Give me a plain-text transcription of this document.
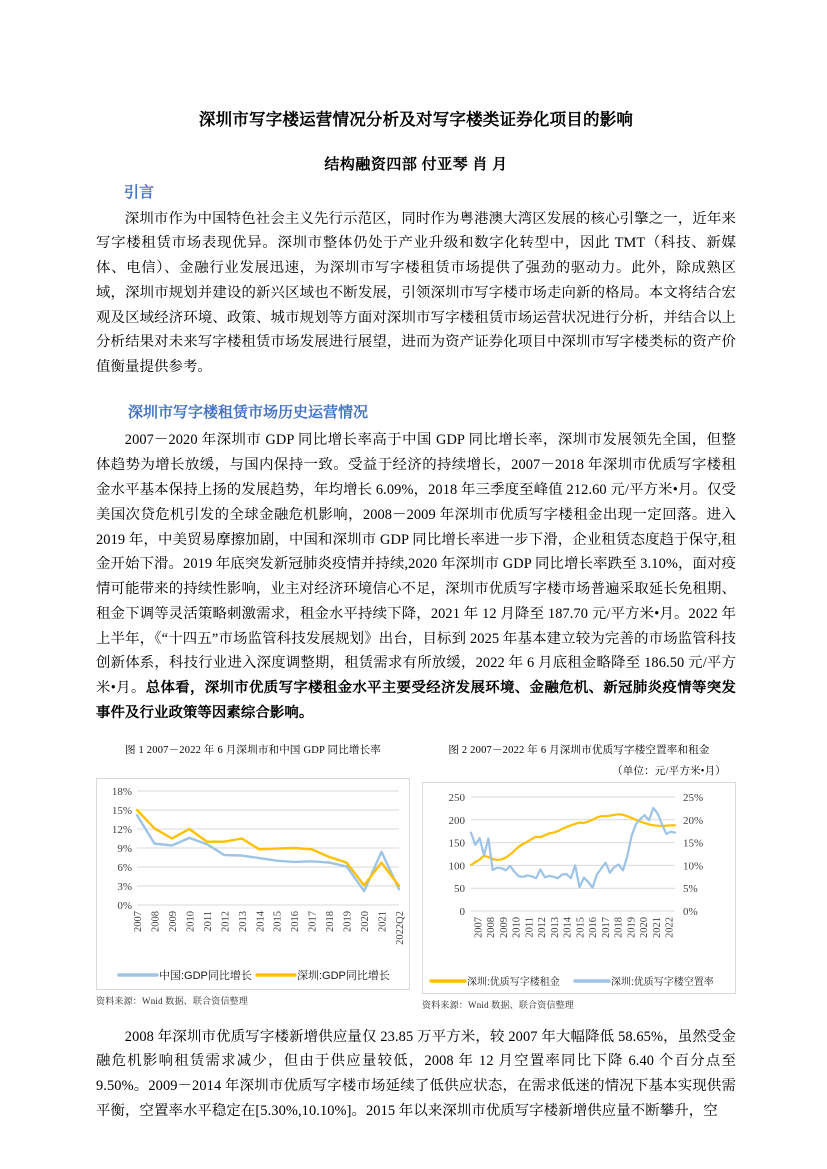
深圳市写字楼运营情况分析及对写字楼类证券化项目的影响
结构融资四部 付亚琴 肖 月
引言

深圳市作为中国特色社会主义先行示范区，同时作为粤港澳大湾区发展的核心引擎之一，近年来写字楼租赁市场表现优异。深圳市整体仍处于产业升级和数字化转型中，因此 TMT（科技、新媒体、电信）、金融行业发展迅速，为深圳市写字楼租赁市场提供了强劲的驱动力。此外，除成熟区域，深圳市规划并建设的新兴区域也不断发展，引领深圳市写字楼市场走向新的格局。本文将结合宏观及区域经济环境、政策、城市规划等方面对深圳市写字楼租赁市场运营状况进行分析，并结合以上分析结果对未来写字楼租赁市场发展进行展望，进而为资产证券化项目中深圳市写字楼类标的资产价值衡量提供参考。

深圳市写字楼租赁市场历史运营情况

2007－2020 年深圳市 GDP 同比增长率高于中国 GDP 同比增长率，深圳市发展领先全国，但整体趋势为增长放缓，与国内保持一致。受益于经济的持续增长，2007－2018 年深圳市优质写字楼租金水平基本保持上扬的发展趋势，年均增长 6.09%，2018 年三季度至峰值 212.60 元/平方米•月。仅受美国次贷危机引发的全球金融危机影响，2008－2009 年深圳市优质写字楼租金出现一定回落。进入 2019 年，中美贸易摩擦加剧，中国和深圳市 GDP 同比增长率进一步下滑，企业租赁态度趋于保守,租金开始下滑。2019 年底突发新冠肺炎疫情并持续,2020 年深圳市 GDP 同比增长率跌至 3.10%，面对疫情可能带来的持续性影响，业主对经济环境信心不足，深圳市优质写字楼市场普遍采取延长免租期、租金下调等灵活策略刺激需求，租金水平持续下降，2021 年 12 月降至 187.70 元/平方米•月。2022 年上半年，《“十四五”市场监管科技发展规划》出台，目标到 2025 年基本建立较为完善的市场监管科技创新体系，科技行业进入深度调整期，租赁需求有所放缓，2022 年 6 月底租金略降至 186.50 元/平方米•月。总体看，深圳市优质写字楼租金水平主要受经济发展环境、金融危机、新冠肺炎疫情等突发事件及行业政策等因素综合影响。

图 1 2007－2022 年 6 月深圳市和中国 GDP 同比增长率
0%
3%
6%
9%
12%
15%
18%
2007 2008 2009 2010 2011 2012 2013 2014 2015 2016 2017 2018 2019 2020 2021 2022Q2
中国:GDP同比增长	深圳:GDP同比增长
资料来源：Wnid 数据、联合资信整理
图 2 2007－2022 年 6 月深圳市优质写字楼空置率和租金
（单位：元/平方米•月）
0
50
100
150
200
250
0%
5%
10%
15%
20%
25%
2007 2008 2009 2010 2011 2012 2013 2014 2015 2016 2017 2018 2019 2020 2021 2022
深圳:优质写字楼租金	深圳:优质写字楼空置率
资料来源：Wnid 数据、联合资信整理

2008 年深圳市优质写字楼新增供应量仅 23.85 万平方米，较 2007 年大幅降低 58.65%，虽然受金融危机影响租赁需求减少，但由于供应量较低，2008 年 12 月空置率同比下降 6.40 个百分点至 9.50%。2009－2014 年深圳市优质写字楼市场延续了低供应状态，在需求低迷的情况下基本实现供需平衡，空置率水平稳定在[5.30%,10.10%]。2015 年以来深圳市优质写字楼新增供应量不断攀升，空
